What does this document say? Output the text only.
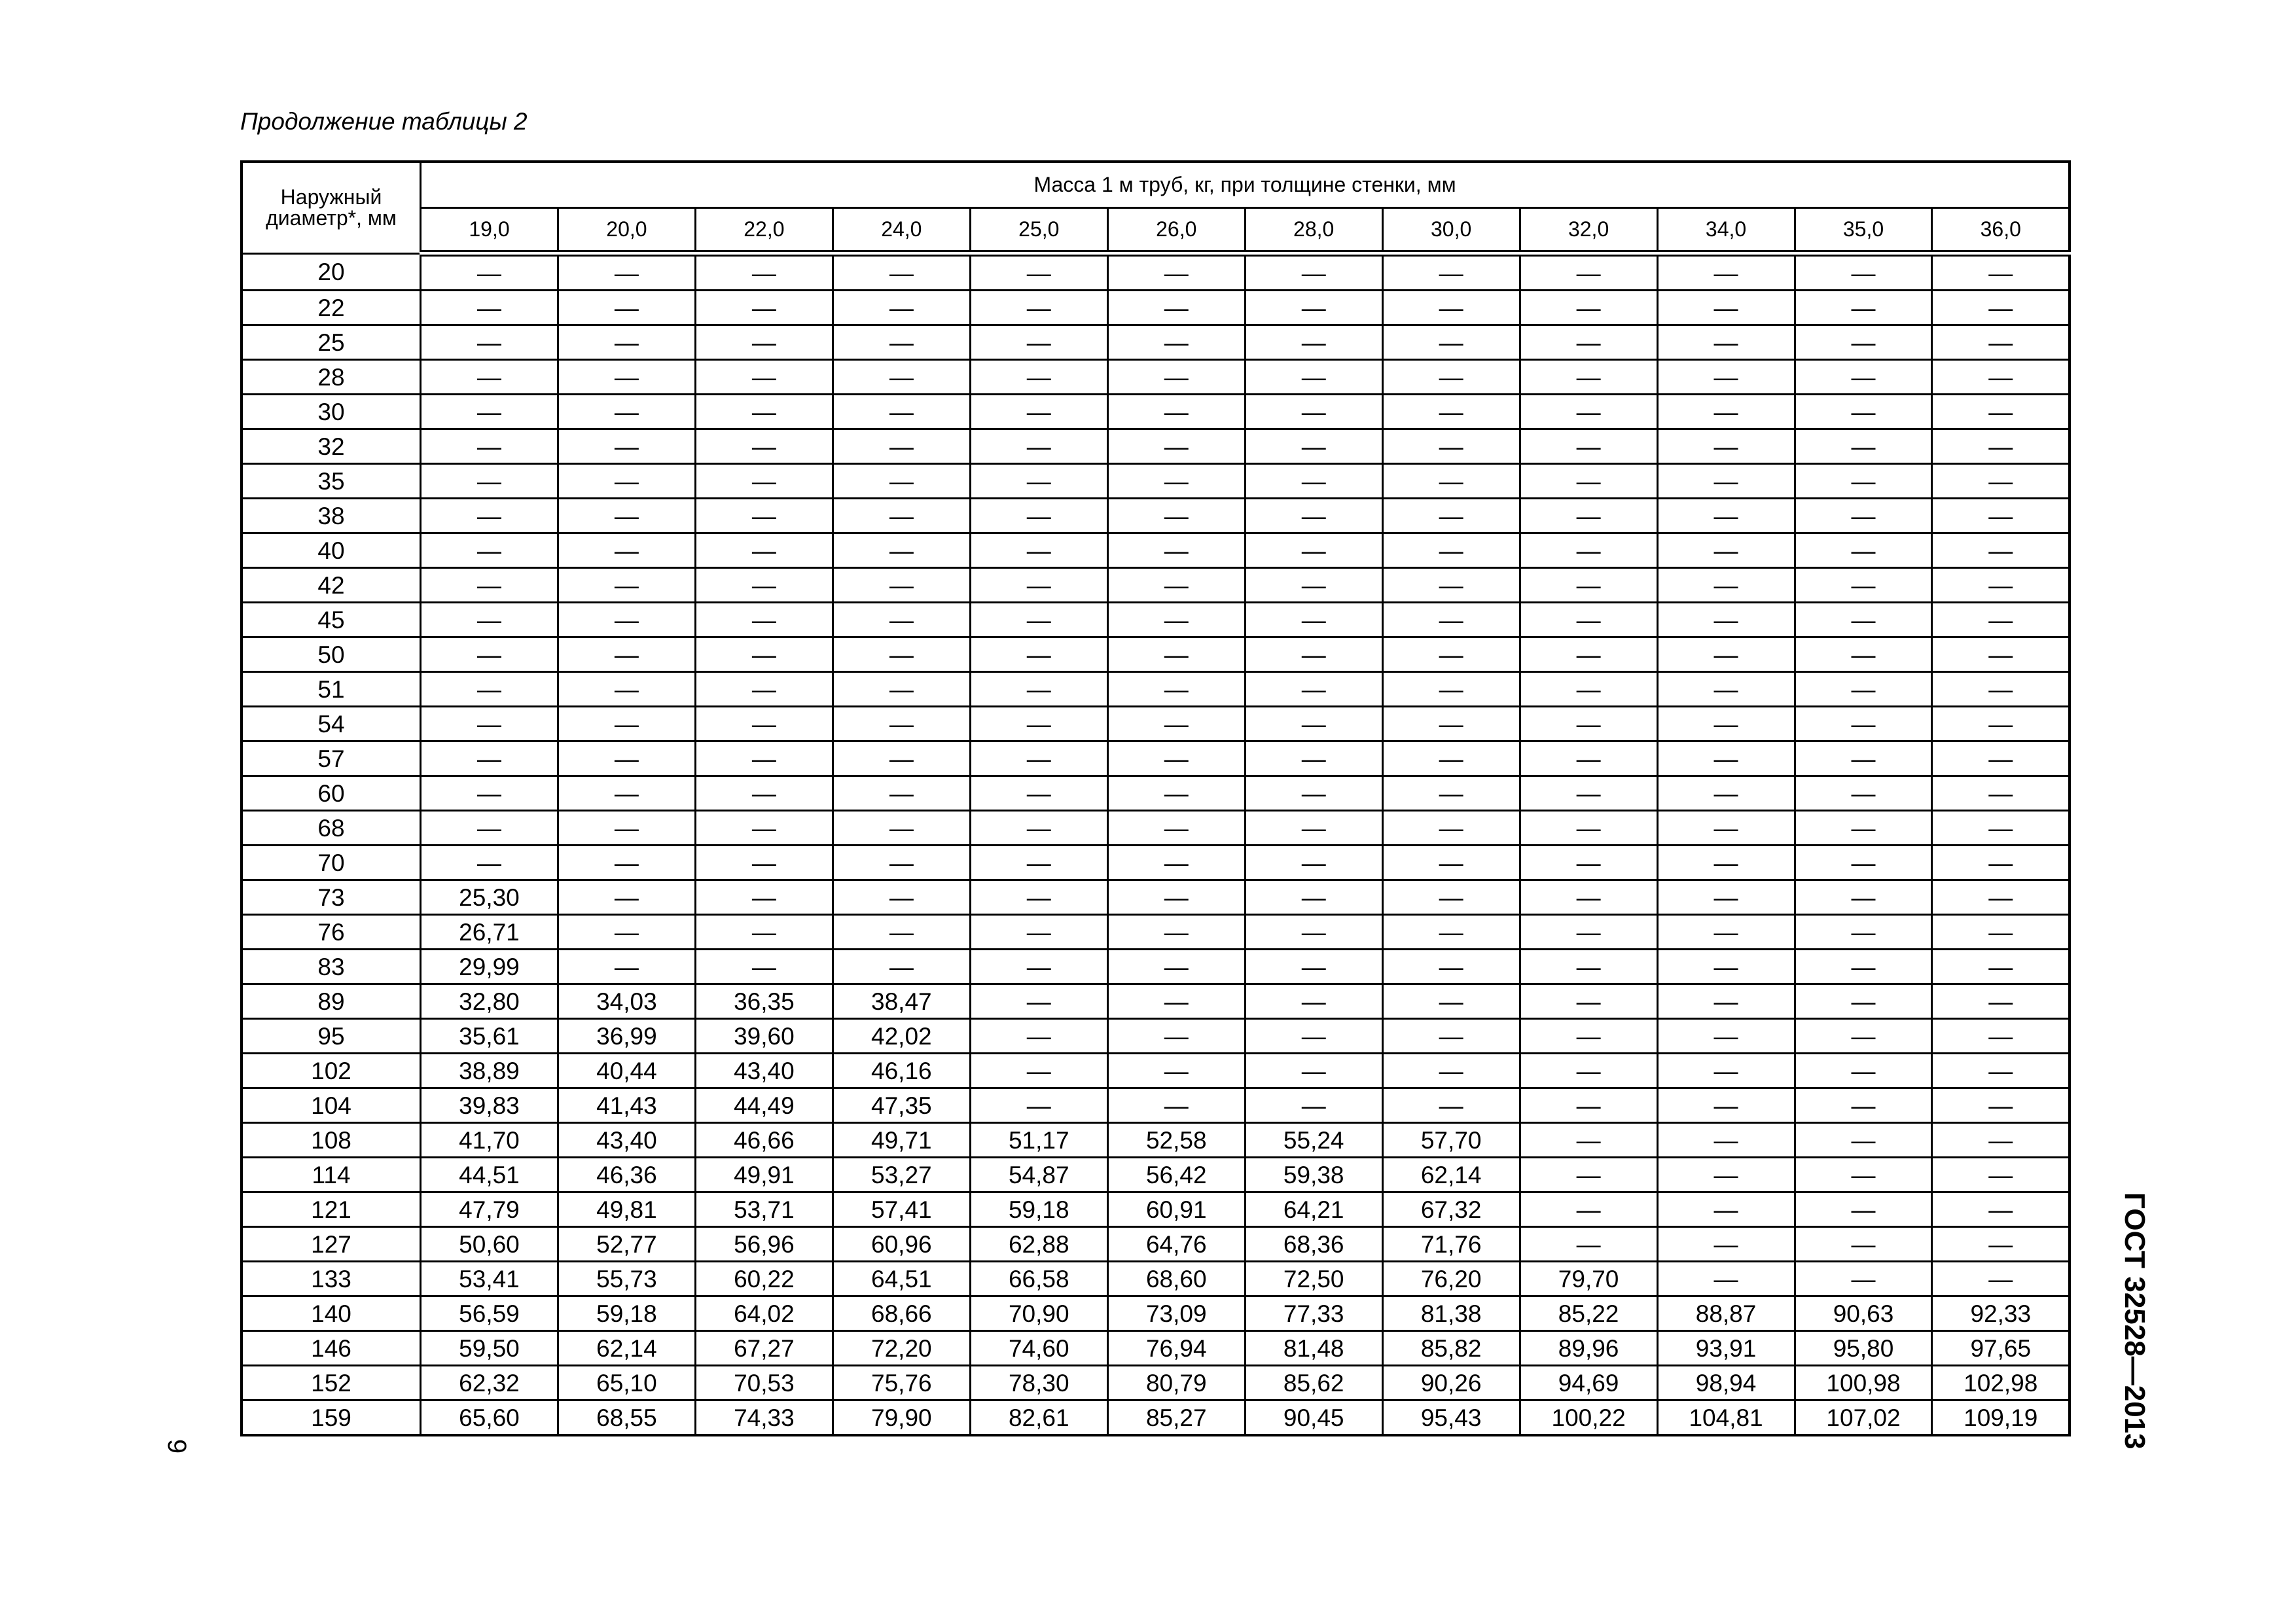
Продолжение таблицы 2
Наружный диаметр*, мм	Масса 1 м труб, кг, при толщине стенки, мм											
	19,0	20,0	22,0	24,0	25,0	26,0	28,0	30,0	32,0	34,0	35,0	36,0
20	—	—	—	—	—	—	—	—	—	—	—	—
22	—	—	—	—	—	—	—	—	—	—	—	—
25	—	—	—	—	—	—	—	—	—	—	—	—
28	—	—	—	—	—	—	—	—	—	—	—	—
30	—	—	—	—	—	—	—	—	—	—	—	—
32	—	—	—	—	—	—	—	—	—	—	—	—
35	—	—	—	—	—	—	—	—	—	—	—	—
38	—	—	—	—	—	—	—	—	—	—	—	—
40	—	—	—	—	—	—	—	—	—	—	—	—
42	—	—	—	—	—	—	—	—	—	—	—	—
45	—	—	—	—	—	—	—	—	—	—	—	—
50	—	—	—	—	—	—	—	—	—	—	—	—
51	—	—	—	—	—	—	—	—	—	—	—	—
54	—	—	—	—	—	—	—	—	—	—	—	—
57	—	—	—	—	—	—	—	—	—	—	—	—
60	—	—	—	—	—	—	—	—	—	—	—	—
68	—	—	—	—	—	—	—	—	—	—	—	—
70	—	—	—	—	—	—	—	—	—	—	—	—
73	25,30	—	—	—	—	—	—	—	—	—	—	—
76	26,71	—	—	—	—	—	—	—	—	—	—	—
83	29,99	—	—	—	—	—	—	—	—	—	—	—
89	32,80	34,03	36,35	38,47	—	—	—	—	—	—	—	—
95	35,61	36,99	39,60	42,02	—	—	—	—	—	—	—	—
102	38,89	40,44	43,40	46,16	—	—	—	—	—	—	—	—
104	39,83	41,43	44,49	47,35	—	—	—	—	—	—	—	—
108	41,70	43,40	46,66	49,71	51,17	52,58	55,24	57,70	—	—	—	—
114	44,51	46,36	49,91	53,27	54,87	56,42	59,38	62,14	—	—	—	—
121	47,79	49,81	53,71	57,41	59,18	60,91	64,21	67,32	—	—	—	—
127	50,60	52,77	56,96	60,96	62,88	64,76	68,36	71,76	—	—	—	—
133	53,41	55,73	60,22	64,51	66,58	68,60	72,50	76,20	79,70	—	—	—
140	56,59	59,18	64,02	68,66	70,90	73,09	77,33	81,38	85,22	88,87	90,63	92,33
146	59,50	62,14	67,27	72,20	74,60	76,94	81,48	85,82	89,96	93,91	95,80	97,65
152	62,32	65,10	70,53	75,76	78,30	80,79	85,62	90,26	94,69	98,94	100,98	102,98
159	65,60	68,55	74,33	79,90	82,61	85,27	90,45	95,43	100,22	104,81	107,02	109,19	ГОСТ 32528—2013
9
